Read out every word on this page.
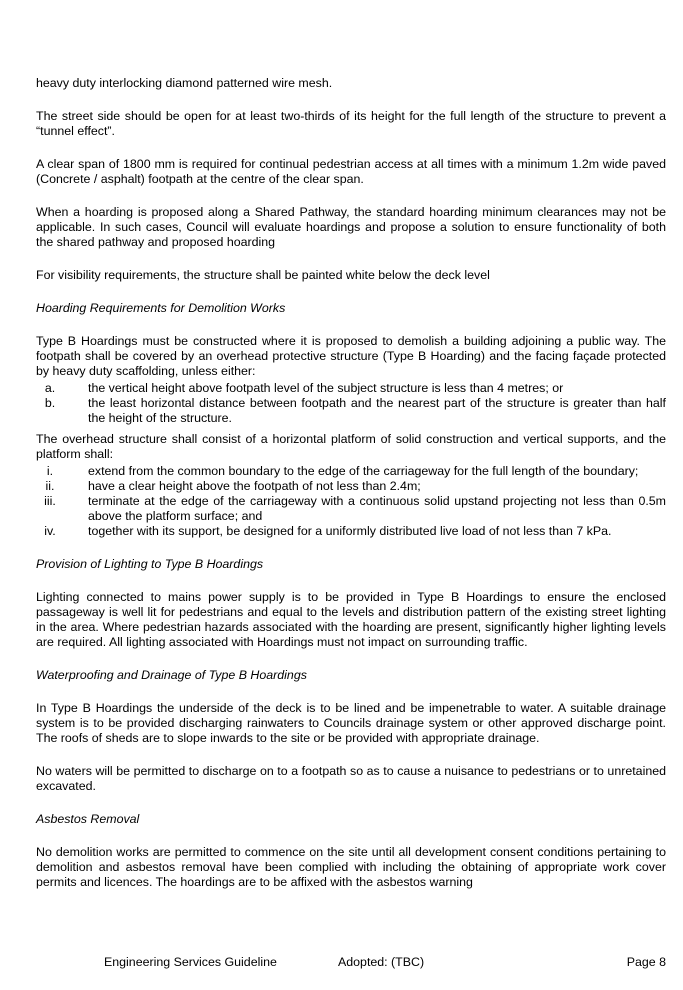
heavy duty interlocking diamond patterned wire mesh.

The street side should be open for at least two-thirds of its height for the full length of the structure to prevent a “tunnel effect”.

A clear span of 1800 mm is required for continual pedestrian access at all times with a minimum 1.2m wide paved (Concrete / asphalt) footpath at the centre of the clear span.

When a hoarding is proposed along a Shared Pathway, the standard hoarding minimum clearances may not be applicable. In such cases, Council will evaluate hoardings and propose a solution to ensure functionality of both the shared pathway and proposed hoarding

For visibility requirements, the structure shall be painted white below the deck level

Hoarding Requirements for Demolition Works

Type B Hoardings must be constructed where it is proposed to demolish a building adjoining a public way. The footpath shall be covered by an overhead protective structure (Type B Hoarding) and the facing façade protected by heavy duty scaffolding, unless either:

a.	the vertical height above footpath level of the subject structure is less than 4 metres; or
b.	the least horizontal distance between footpath and the nearest part of the structure is greater than half the height of the structure.

The overhead structure shall consist of a horizontal platform of solid construction and vertical supports, and the platform shall:

i.	extend from the common boundary to the edge of the carriageway for the full length of the boundary;
ii.	have a clear height above the footpath of not less than 2.4m;
iii.	terminate at the edge of the carriageway with a continuous solid upstand projecting not less than 0.5m above the platform surface; and
iv.	together with its support, be designed for a uniformly distributed live load of not less than 7 kPa.

Provision of Lighting to Type B Hoardings

Lighting connected to mains power supply is to be provided in Type B Hoardings to ensure the enclosed passageway is well lit for pedestrians and equal to the levels and distribution pattern of the existing street lighting in the area. Where pedestrian hazards associated with the hoarding are present, significantly higher lighting levels are required. All lighting associated with Hoardings must not impact on surrounding traffic.

Waterproofing and Drainage of Type B Hoardings

In Type B Hoardings the underside of the deck is to be lined and be impenetrable to water. A suitable drainage system is to be provided discharging rainwaters to Councils drainage system or other approved discharge point. The roofs of sheds are to slope inwards to the site or be provided with appropriate drainage.

No waters will be permitted to discharge on to a footpath so as to cause a nuisance to pedestrians or to unretained excavated.

Asbestos Removal

No demolition works are permitted to commence on the site until all development consent conditions pertaining to demolition and asbestos removal have been complied with including the obtaining of appropriate work cover permits and licences. The hoardings are to be affixed with the asbestos warning

Engineering Services Guideline	Adopted: (TBC)	Page 8
